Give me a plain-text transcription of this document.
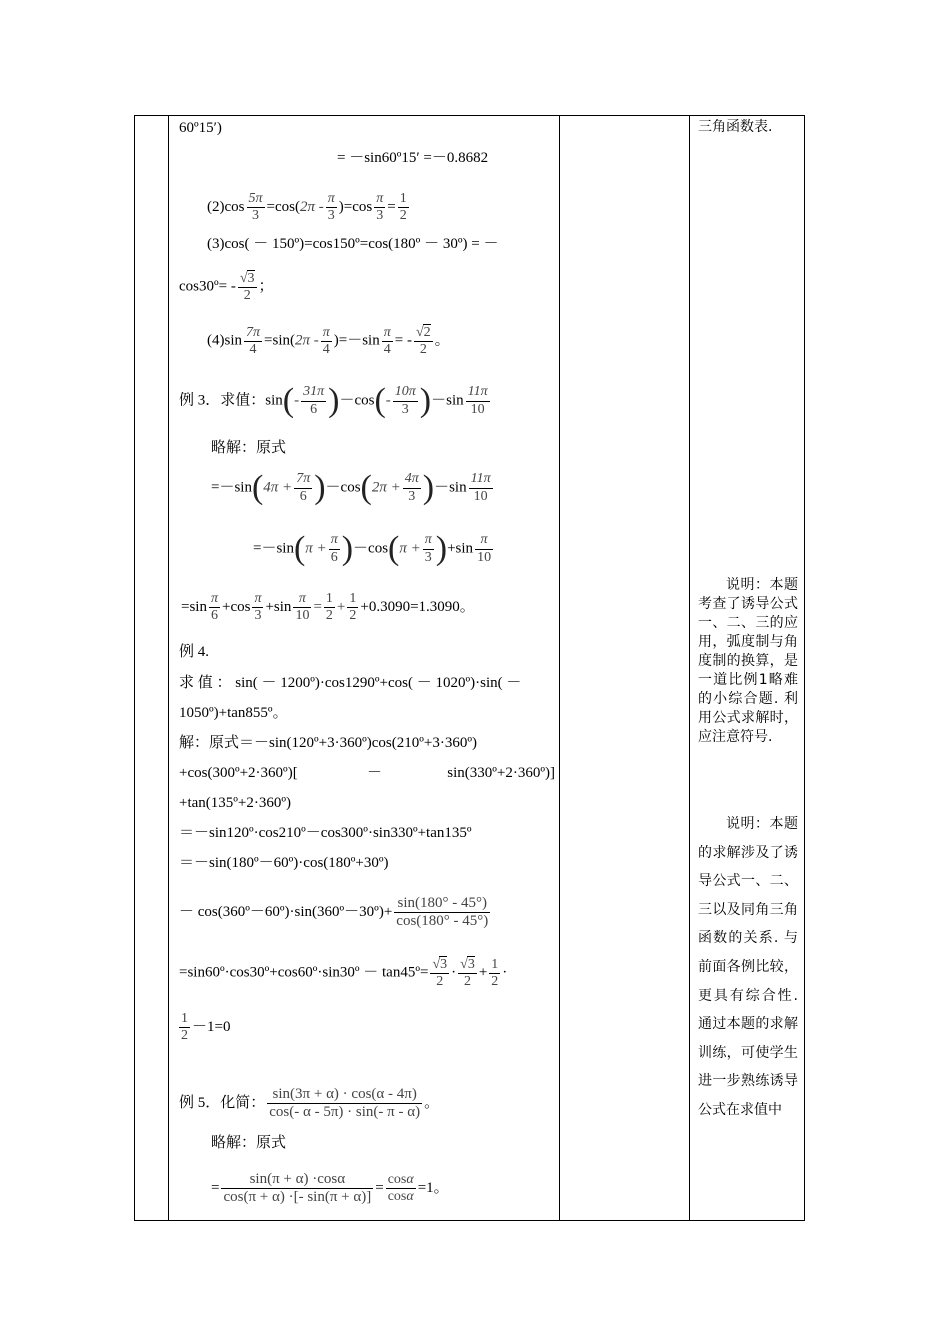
60º15′)
= －sin60º15′ =－0.8682
$(2)\cos \frac{5\pi}{3} =\cos(2\pi - \frac{\pi}{3} )=\cos \frac{\pi}{3} = \frac{1}{2}$
(3)cos( － 150º)=cos150º=cos(180º － 30º) = －
cos30º= - $\frac{√3}{2}$ ；
$(4)\sin \frac{7\pi}{4} =\sin(2\pi - \frac{\pi}{4} )=-\sin \frac{\pi}{4}$ = - $\frac{√2}{2}$ 。
例 3．求值：$\sin(- \frac{31\pi}{6} )-\cos(- \frac{10\pi}{3} )-\sin \frac{11\pi}{10}$
略解：原式
$=-\sin(4\pi + \frac{7\pi}{6} )-\cos(2\pi + \frac{4\pi}{3} )-\sin \frac{11\pi}{10}$
$=-\sin(\pi + \frac{\pi}{6} )-\cos(\pi + \frac{\pi}{3} )+\sin \frac{\pi}{10}$
$=\sin \frac{\pi}{6} +\cos \frac{\pi}{3} +\sin \frac{\pi}{10} = \frac{1}{2} + \frac{1}{2} +0.3090=1.3090$。
例 4.
求 值 ： sin( － 1200º)·cos1290º+cos( － 1020º)·sin( －
1050º)+tan855º。
解：原式＝－sin(120º+3·360º)cos(210º+3·360º)
+cos(300º+2·360º)[	－	sin(330º+2·360º)]
+tan(135º+2·360º)
＝－sin120º·cos210º－cos300º·sin330º+tan135º
＝－sin(180º－60º)·cos(180º+30º)
－ cos(360º－60º)·sin(360º－30º)+ $\frac{\sin(180^\circ - 45^\circ)}{\cos(180^\circ - 45^\circ)}$
=sin60º·cos30º+cos60º·sin30º － tan45º= $\frac{√3}{2} \cdot \frac{√3}{2} + \frac{1}{2}$ ·
$\frac{1}{2} -1=0$
例 5．化简： $\frac{\sin(3\pi + \alpha) \cdot \cos(\alpha - 4\pi)}{\cos(- \alpha - 5\pi) \cdot \sin(- \pi - \alpha)}$ 。
略解：原式
= $\frac{\sin(\pi + \alpha) \cdot\cos\alpha}{\cos(\pi + \alpha) \cdot[- \sin(\pi + \alpha)]} = \frac{\cos\alpha}{\cos\alpha} =1$。
三角函数表.
说明：本题考查了诱导公式一、二、三的应用，弧度制与角度制的换算，是一道比例1略难的小综合题. 利用公式求解时，应注意符号.
说明：本题的求解涉及了诱导公式一、二、三以及同角三角函数的关系. 与前面各例比较，更具有综合性. 通过本题的求解训练，可使学生进一步熟练诱导公式在求值中
